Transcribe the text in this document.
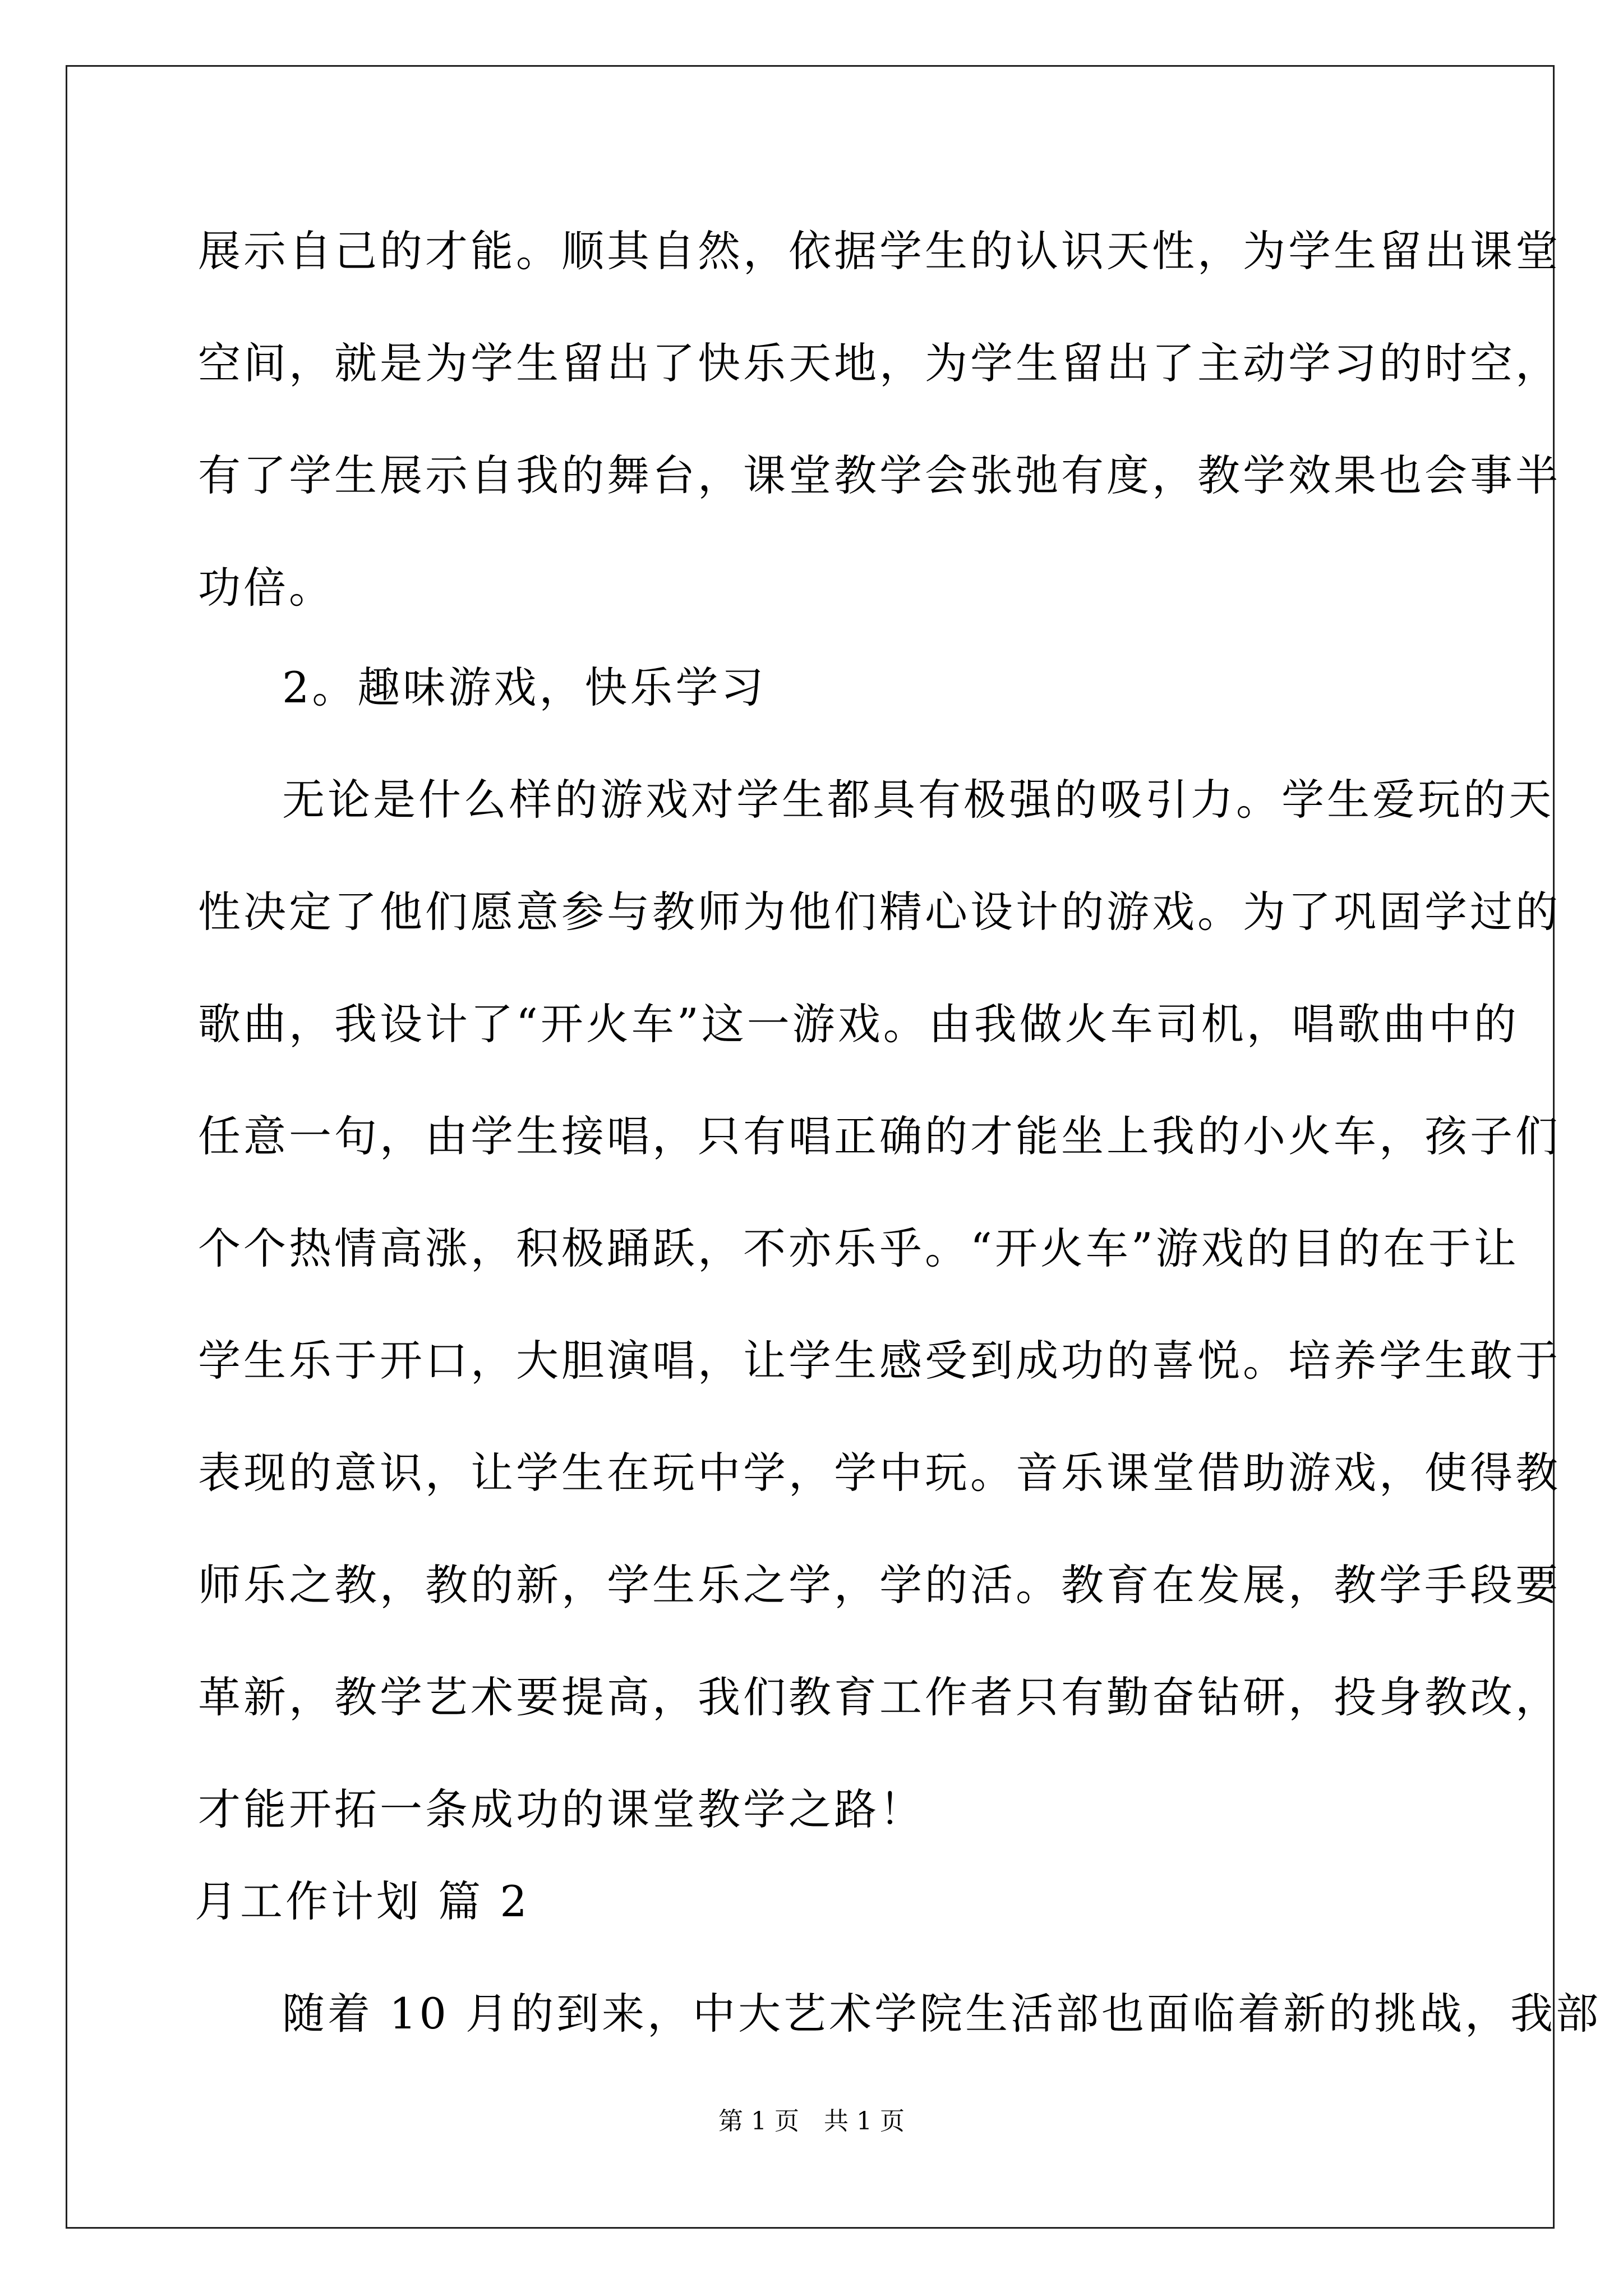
展示自己的才能。顺其自然，依据学生的认识天性，为学生留出课堂
空间，就是为学生留出了快乐天地，为学生留出了主动学习的时空，
有了学生展示自我的舞台，课堂教学会张弛有度，教学效果也会事半
功倍。
2。趣味游戏，快乐学习
无论是什么样的游戏对学生都具有极强的吸引力。学生爱玩的天
性决定了他们愿意参与教师为他们精心设计的游戏。为了巩固学过的
歌曲，我设计了“开火车”这一游戏。由我做火车司机，唱歌曲中的
任意一句，由学生接唱，只有唱正确的才能坐上我的小火车，孩子们
个个热情高涨，积极踊跃，不亦乐乎。“开火车”游戏的目的在于让
学生乐于开口，大胆演唱，让学生感受到成功的喜悦。培养学生敢于
表现的意识，让学生在玩中学，学中玩。音乐课堂借助游戏，使得教
师乐之教，教的新，学生乐之学，学的活。教育在发展，教学手段要
革新，教学艺术要提高，我们教育工作者只有勤奋钻研，投身教改，
才能开拓一条成功的课堂教学之路！
月工作计划 篇 2
随着 10 月的到来，中大艺术学院生活部也面临着新的挑战，我部
第 1 页　共 1 页
